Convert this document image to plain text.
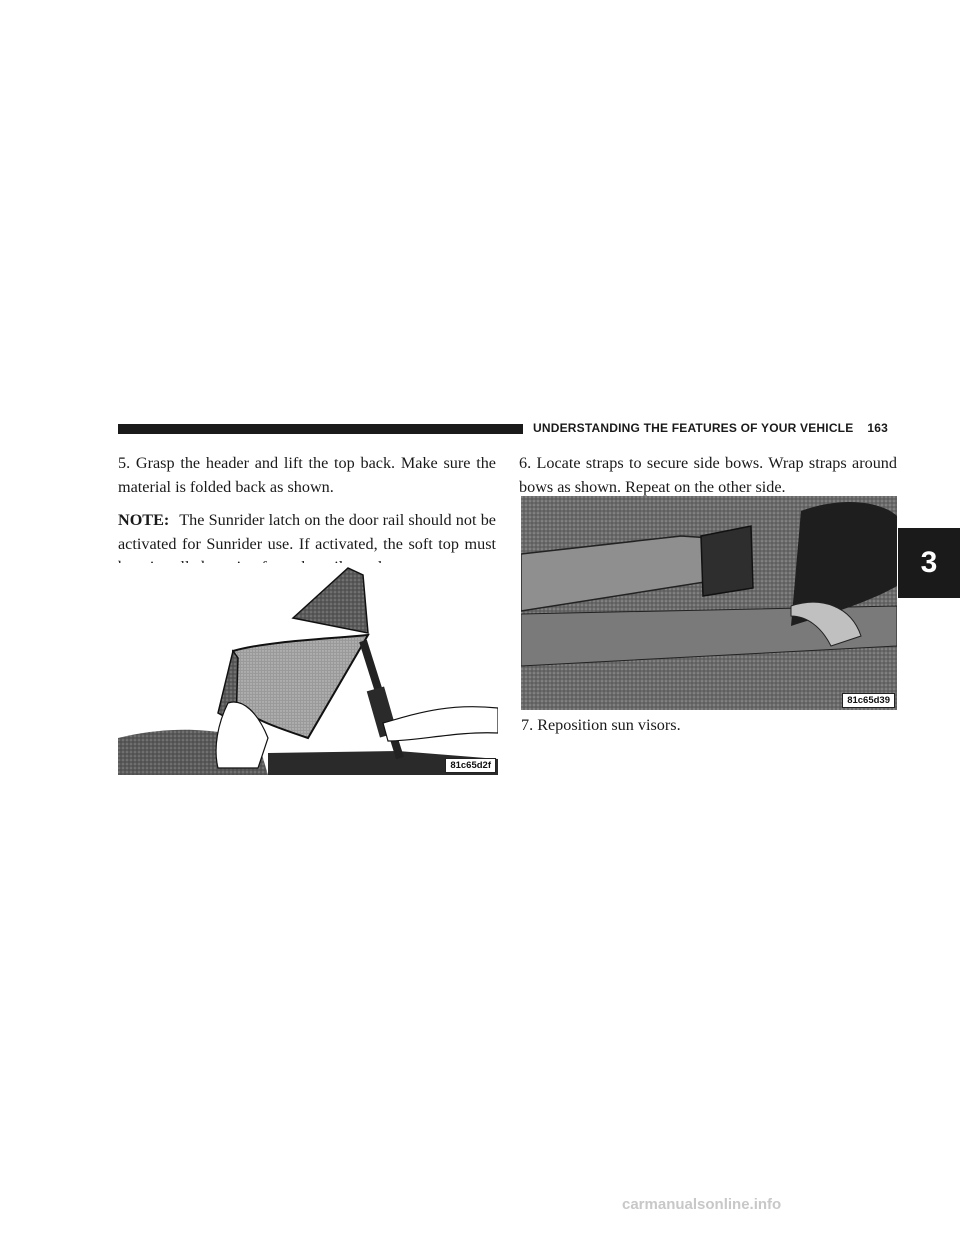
UNDERSTANDING THE FEATURES OF YOUR VEHICLE 163
3

5. Grasp the header and lift the top back. Make sure the material is folded back as shown.

NOTE: The Sunrider latch on the door rail should not be activated for Sunrider use. If activated, the soft top must

81c65d2f

6. Locate straps to secure side bows. Wrap straps around bows as shown. Repeat on the other side.

81c65d39
7. Reposition sun visors.
carmanualsonline.info
